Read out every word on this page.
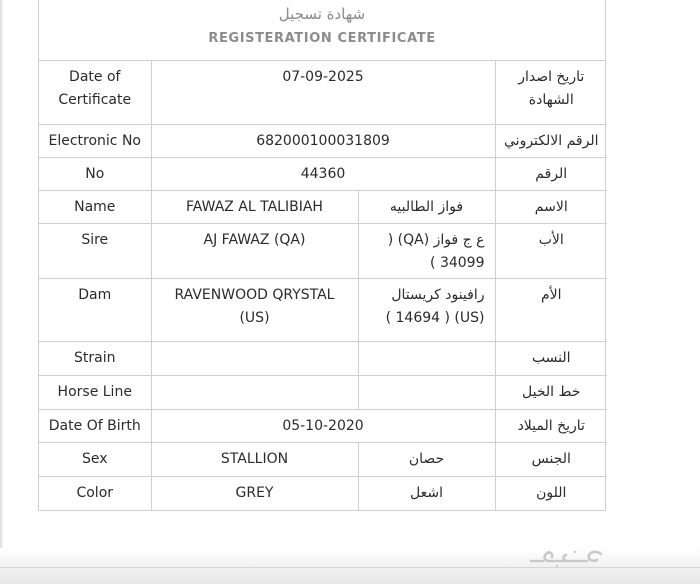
شهادة تسجيل
REGISTERATION CERTIFICATE
Date of Certificate	07-09-2025		تاريخ اصدار الشهادة
Electronic No	682000100031809		الرقم الالكتروني
No	44360		الرقم
Name	FAWAZ AL TALIBIAH	فواز الطالبيه	الاسم
Sire	AJ FAWAZ (QA)	ع ج فواز (QA) ( 34099 )	الأب
Dam	RAVENWOOD QRYSTAL (US)	رافينود كريستال (US) ( 14694 )	الأم
Strain			النسب
Horse Line			خط الخيل
Date Of Birth	05-10-2020		تاريخ الميلاد
Sex	STALLION	حصان	الجنس
Color	GREY	اشعل	اللون
